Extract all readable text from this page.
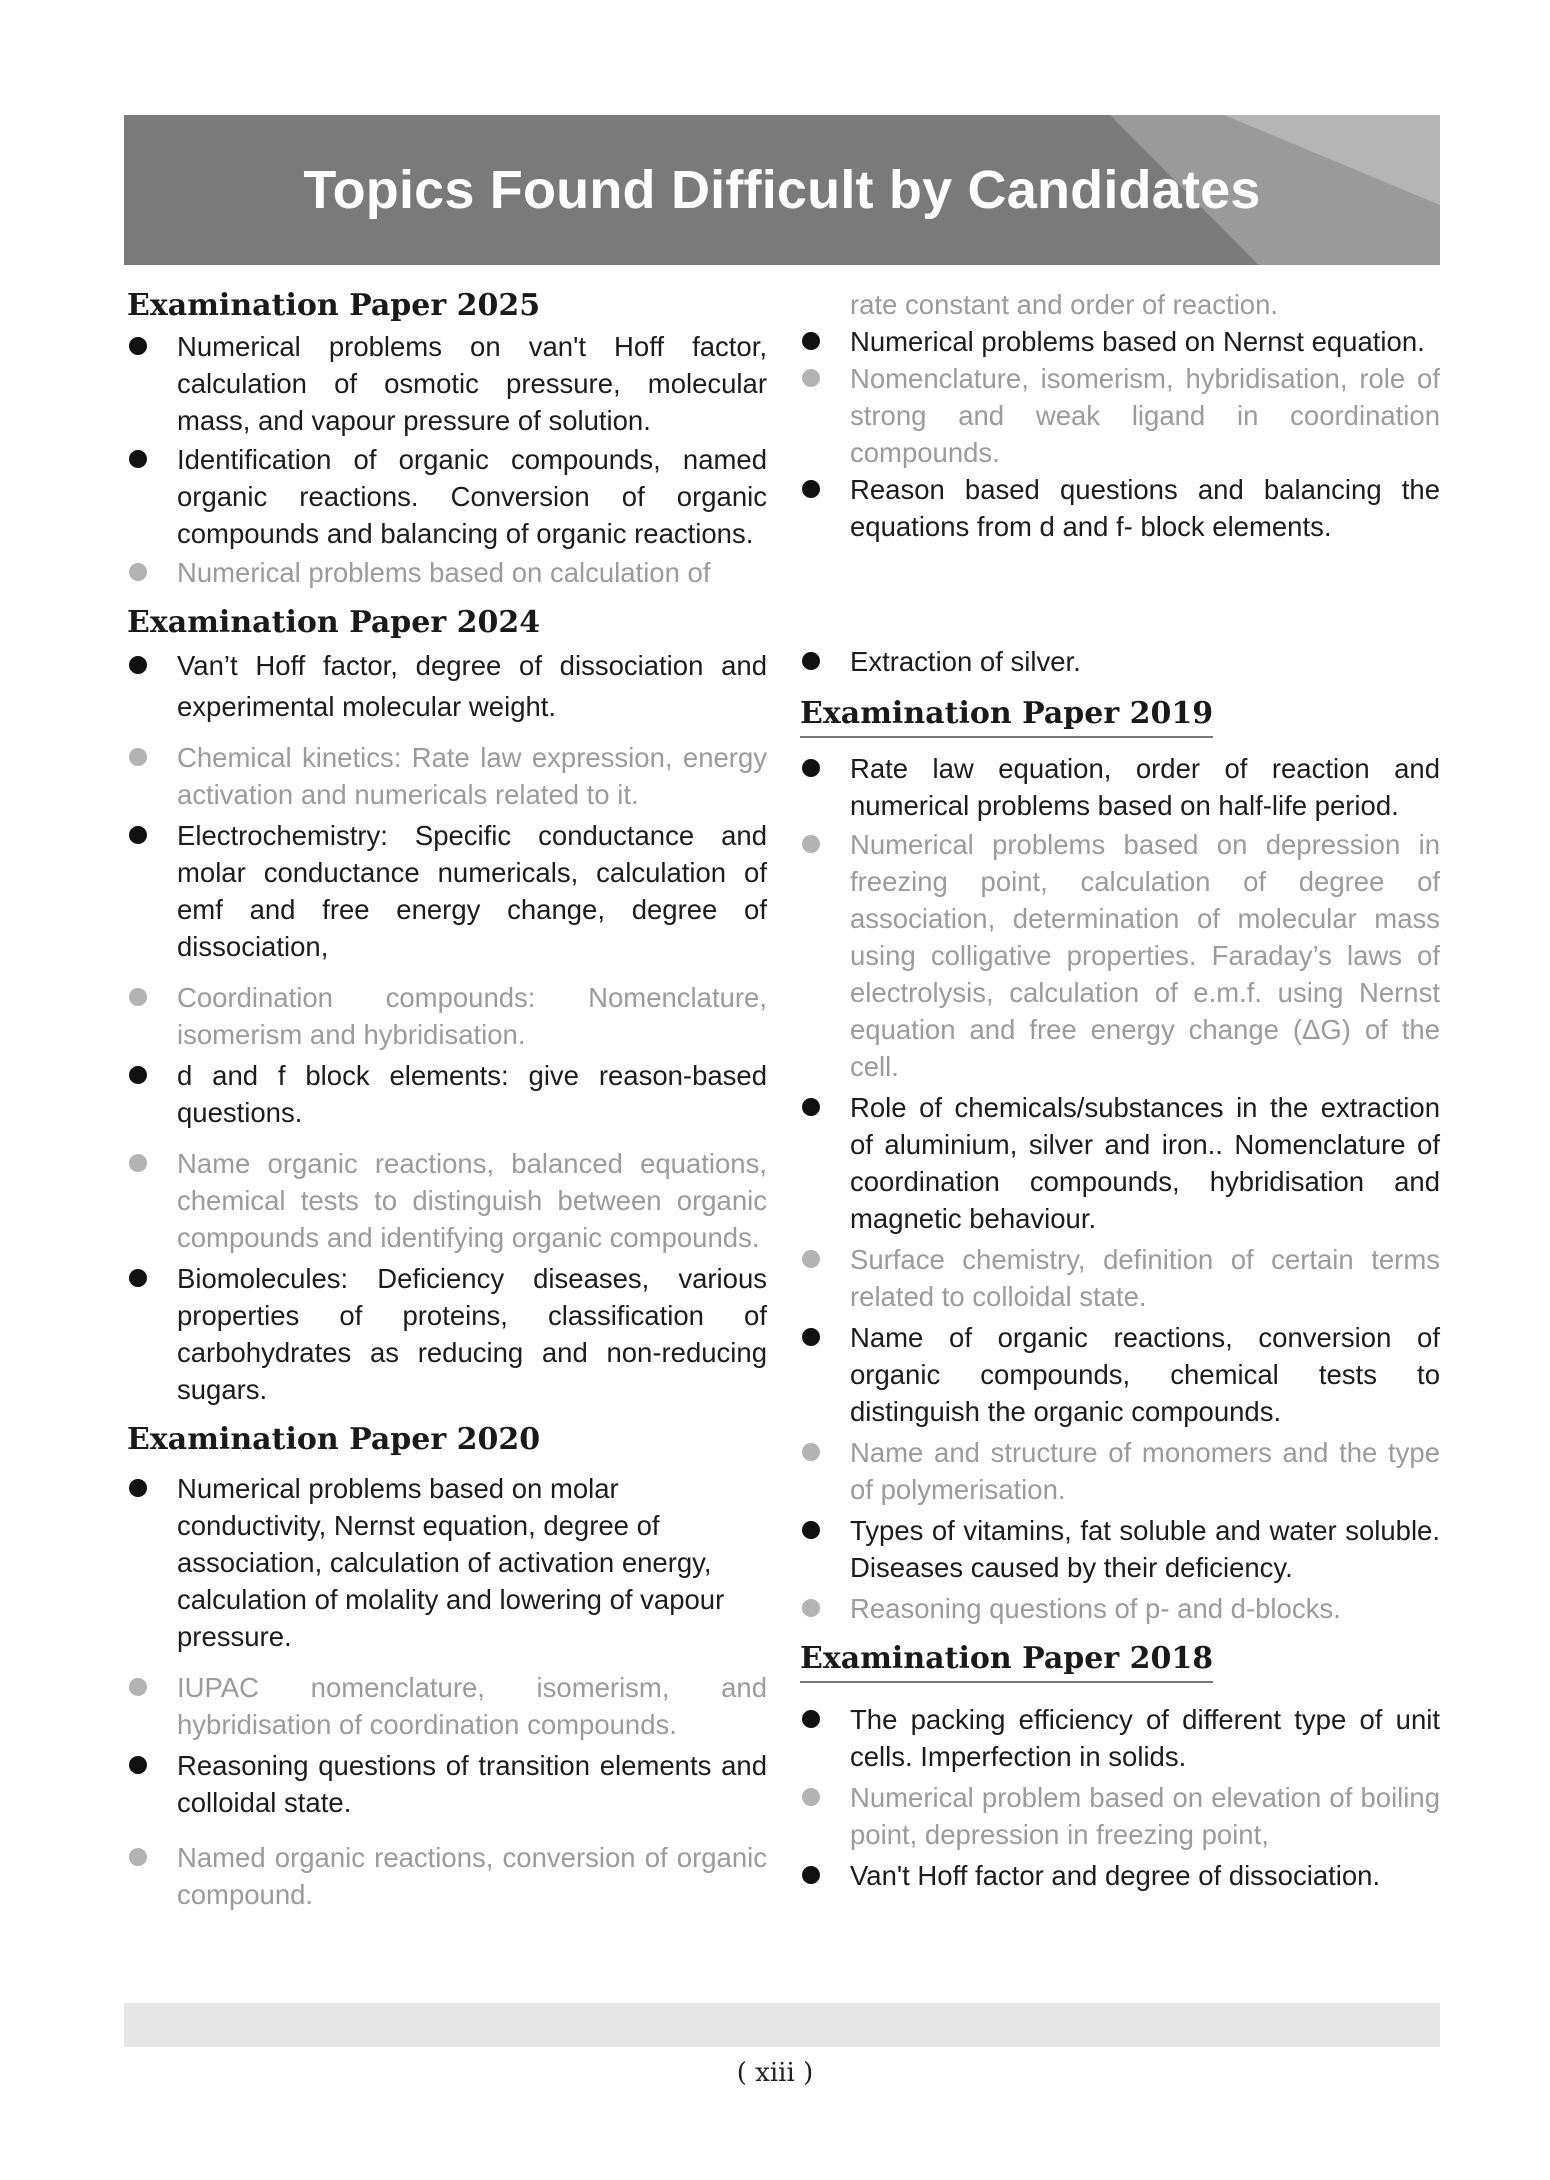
Topics Found Difficult by Candidates
Examination Paper 2025
Numerical problems on van't Hoff factor, calculation of osmotic pressure, molecular mass, and vapour pressure of solution.
Identification of organic compounds, named organic reactions. Conversion of organic compounds and balancing of organic reactions.
Numerical problems based on calculation of
Examination Paper 2024
Van’t Hoff factor, degree of dissociation and experimental molecular weight.
Chemical kinetics: Rate law expression, energy activation and numericals related to it.
Electrochemistry: Specific conductance and molar conductance numericals, calculation of emf and free energy change, degree of dissociation,
Coordination compounds: Nomenclature, isomerism and hybridisation.
d and f block elements: give reason-based questions.
Name organic reactions, balanced equations, chemical tests to distinguish between organic compounds and identifying organic compounds.
Biomolecules: Deficiency diseases, various properties of proteins, classification of carbohydrates as reducing and non-reducing sugars.
Examination Paper 2020
Numerical problems based on molar conductivity, Nernst equation, degree of association, calculation of activation energy, calculation of molality and lowering of vapour pressure.
IUPAC nomenclature, isomerism, and hybridisation of coordination compounds.
Reasoning questions of transition elements and colloidal state.
Named organic reactions, conversion of organic compound.
rate constant and order of reaction.
Numerical problems based on Nernst equation.
Nomenclature, isomerism, hybridisation, role of strong and weak ligand in coordination compounds.
Reason based questions and balancing the equations from d and f- block elements.
Extraction of silver.
Examination Paper 2019
Rate law equation, order of reaction and numerical problems based on half-life period.
Numerical problems based on depression in freezing point, calculation of degree of association, determination of molecular mass using colligative properties. Faraday’s laws of electrolysis, calculation of e.m.f. using Nernst equation and free energy change (ΔG) of the cell.
Role of chemicals/substances in the extraction of aluminium, silver and iron.. Nomenclature of coordination compounds, hybridisation and magnetic behaviour.
Surface chemistry, definition of certain terms related to colloidal state.
Name of organic reactions, conversion of organic compounds, chemical tests to distinguish the organic compounds.
Name and structure of monomers and the type of polymerisation.
Types of vitamins, fat soluble and water soluble. Diseases caused by their deficiency.
Reasoning questions of p- and d-blocks.
Examination Paper 2018
The packing efficiency of different type of unit cells. Imperfection in solids.
Numerical problem based on elevation of boiling point, depression in freezing point,
Van't Hoff factor and degree of dissociation.
( xiii )
